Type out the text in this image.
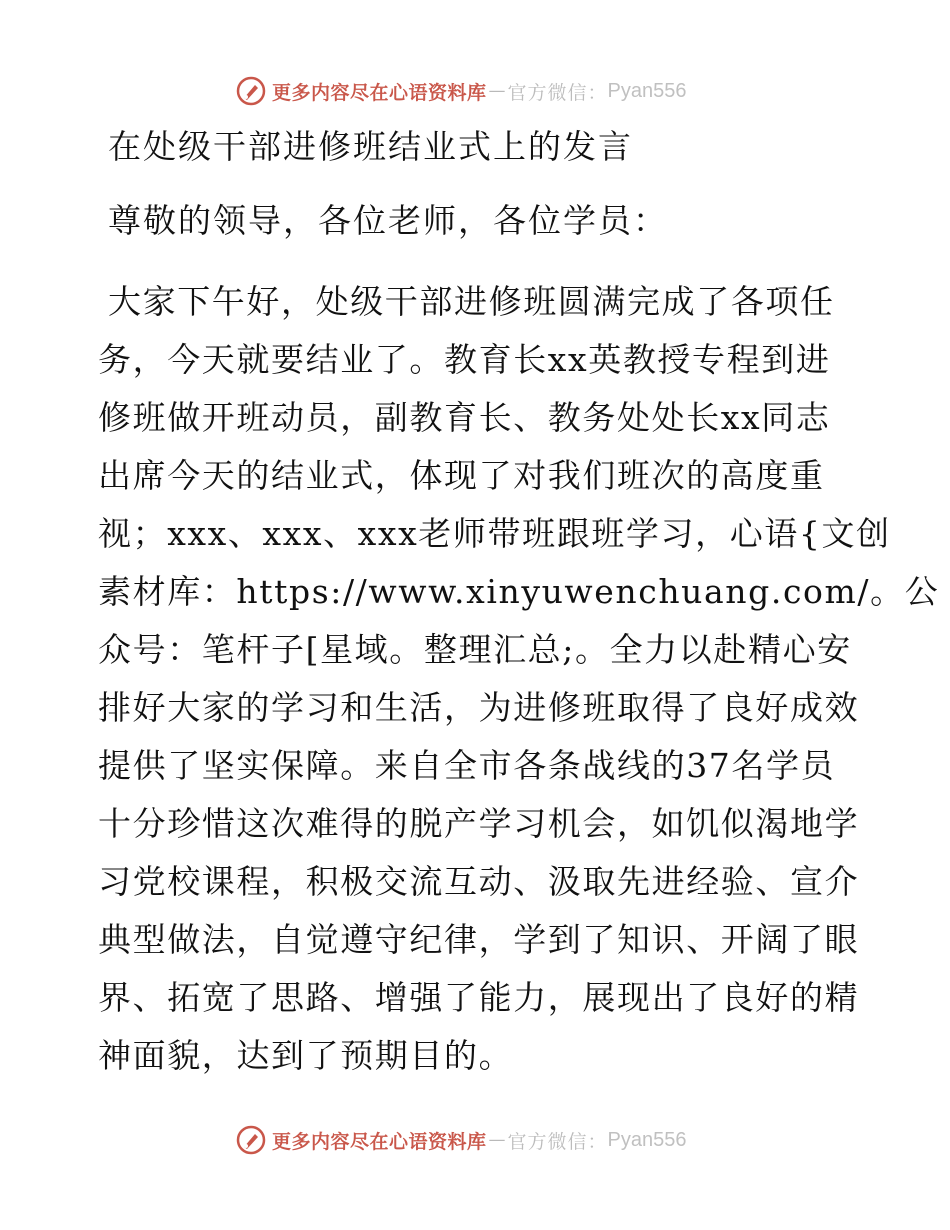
更多内容尽在心语资料库 — 官方微信： Pyan556
在处级干部进修班结业式上的发言
尊敬的领导，各位老师，各位学员：
大家下午好，处级干部进修班圆满完成了各项任
务，今天就要结业了。教育长xx英教授专程到进
修班做开班动员，副教育长、教务处处长xx同志
出席今天的结业式，体现了对我们班次的高度重
视；xxx、xxx、xxx老师带班跟班学习，心语{文创
素材库：https://www.xinyuwenchuang.com/。公
众号：笔杆子[星域。整理汇总;。全力以赴精心安
排好大家的学习和生活，为进修班取得了良好成效
提供了坚实保障。来自全市各条战线的37名学员
十分珍惜这次难得的脱产学习机会，如饥似渴地学
习党校课程，积极交流互动、汲取先进经验、宣介
典型做法，自觉遵守纪律，学到了知识、开阔了眼
界、拓宽了思路、增强了能力，展现出了良好的精
神面貌，达到了预期目的。
更多内容尽在心语资料库 — 官方微信： Pyan556
